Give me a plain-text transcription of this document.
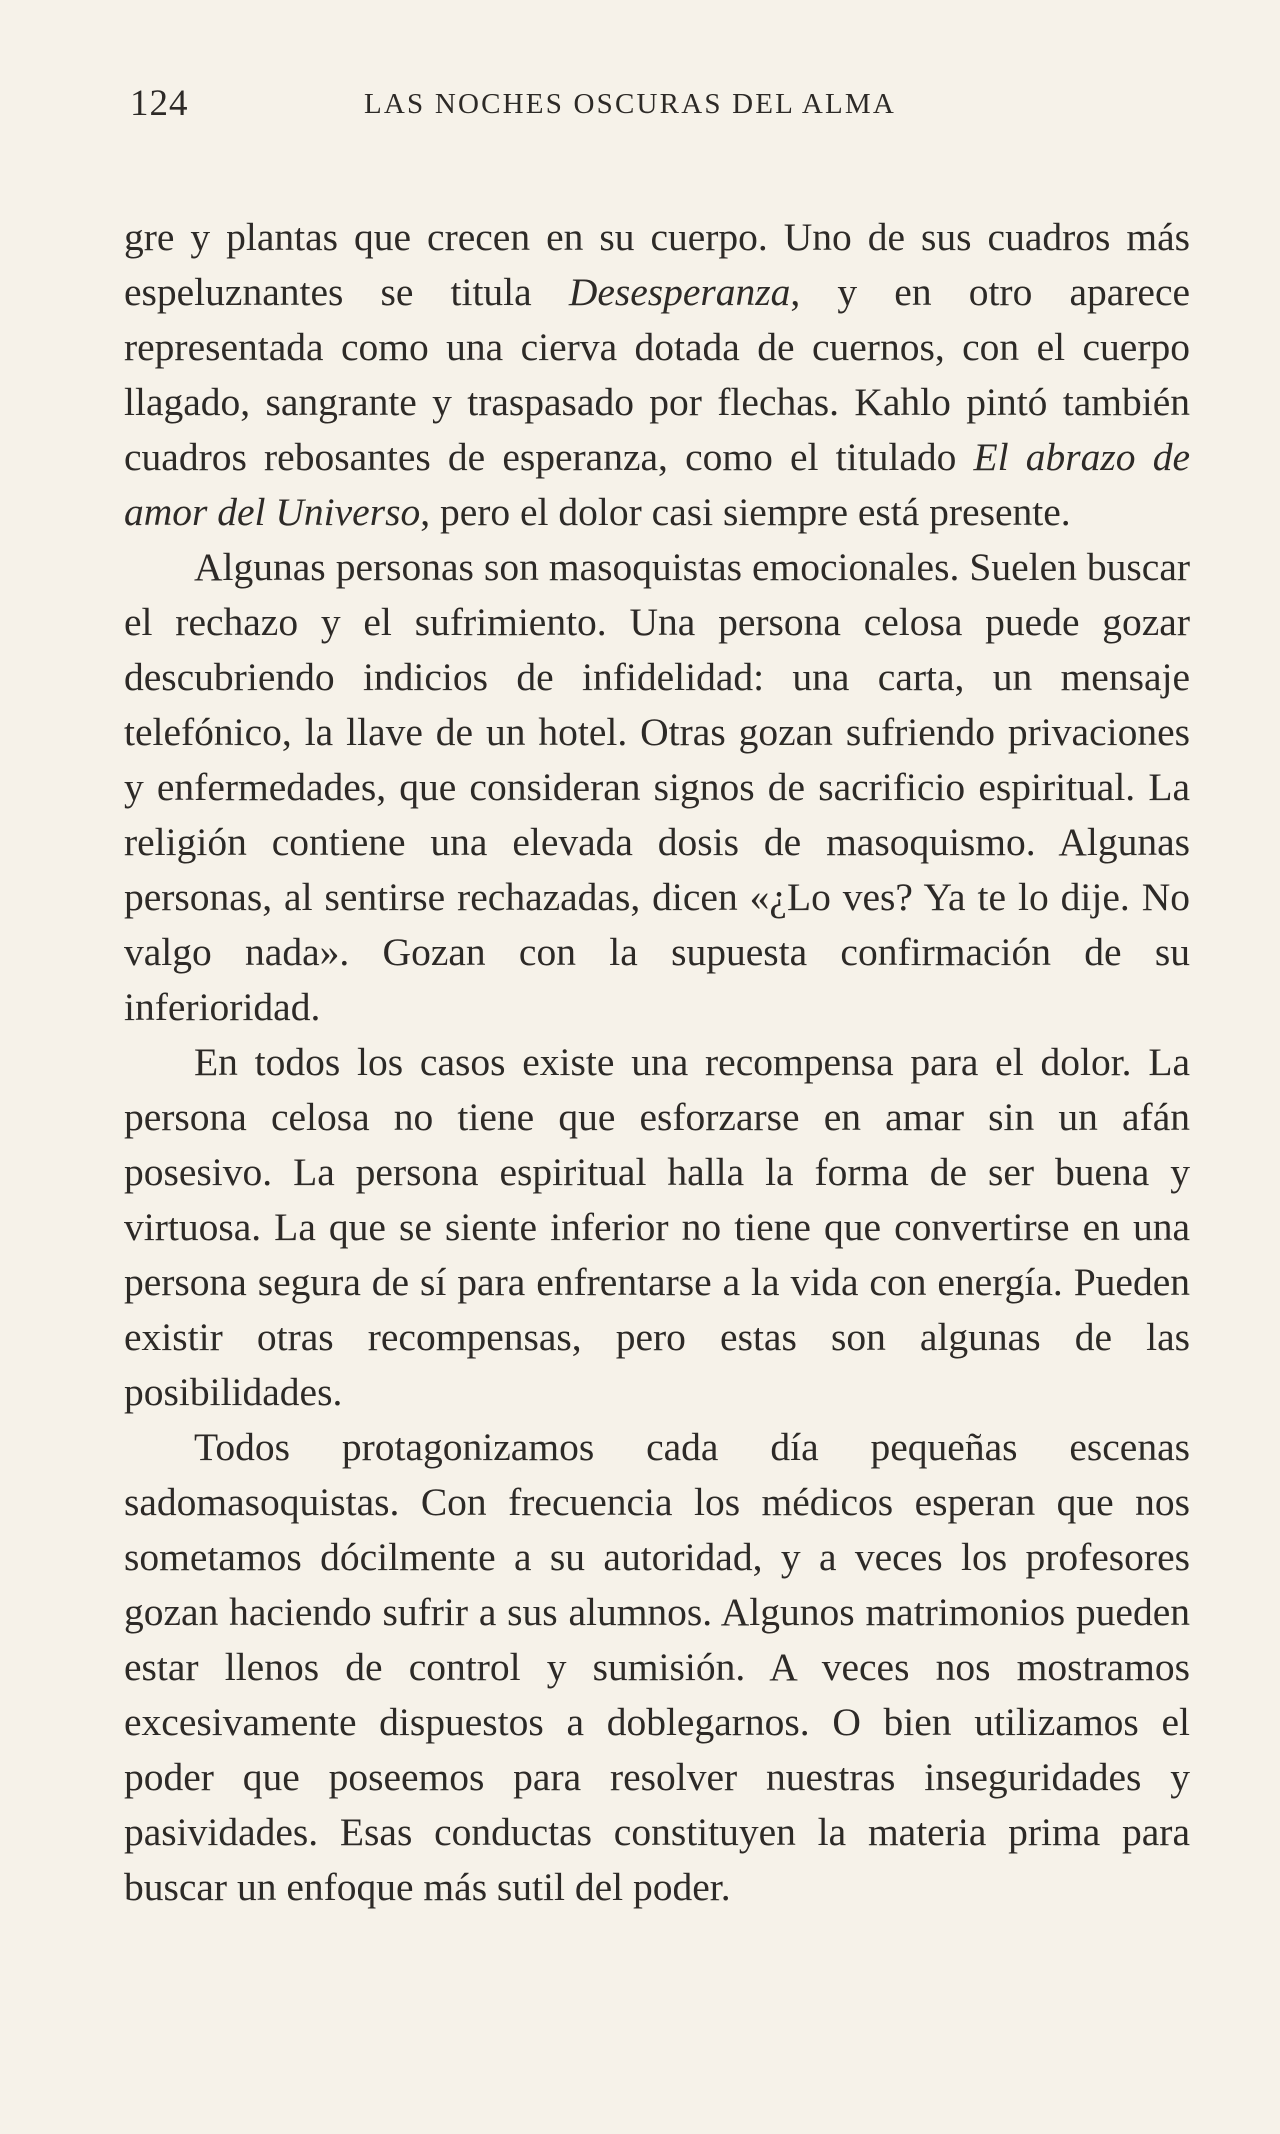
124	LAS NOCHES OSCURAS DEL ALMA

gre y plantas que crecen en su cuerpo. Uno de sus cuadros más espeluznantes se titula Desesperanza, y en otro aparece representada como una cierva dotada de cuernos, con el cuerpo llagado, sangrante y traspasado por flechas. Kahlo pintó también cuadros rebosantes de esperanza, como el titulado El abrazo de amor del Universo, pero el dolor casi siempre está presente.

Algunas personas son masoquistas emocionales. Suelen buscar el rechazo y el sufrimiento. Una persona celosa puede gozar descubriendo indicios de infidelidad: una carta, un mensaje telefónico, la llave de un hotel. Otras gozan sufriendo privaciones y enfermedades, que consideran signos de sacrificio espiritual. La religión contiene una elevada dosis de masoquismo. Algunas personas, al sentirse rechazadas, dicen «¿Lo ves? Ya te lo dije. No valgo nada». Gozan con la supuesta confirmación de su inferioridad.

En todos los casos existe una recompensa para el dolor. La persona celosa no tiene que esforzarse en amar sin un afán posesivo. La persona espiritual halla la forma de ser buena y virtuosa. La que se siente inferior no tiene que convertirse en una persona segura de sí para enfrentarse a la vida con energía. Pueden existir otras recompensas, pero estas son algunas de las posibilidades.

Todos protagonizamos cada día pequeñas escenas sadomasoquistas. Con frecuencia los médicos esperan que nos sometamos dócilmente a su autoridad, y a veces los profesores gozan haciendo sufrir a sus alumnos. Algunos matrimonios pueden estar llenos de control y sumisión. A veces nos mostramos excesivamente dispuestos a doblegarnos. O bien utilizamos el poder que poseemos para resolver nuestras inseguridades y pasividades. Esas conductas constituyen la materia prima para buscar un enfoque más sutil del poder.
